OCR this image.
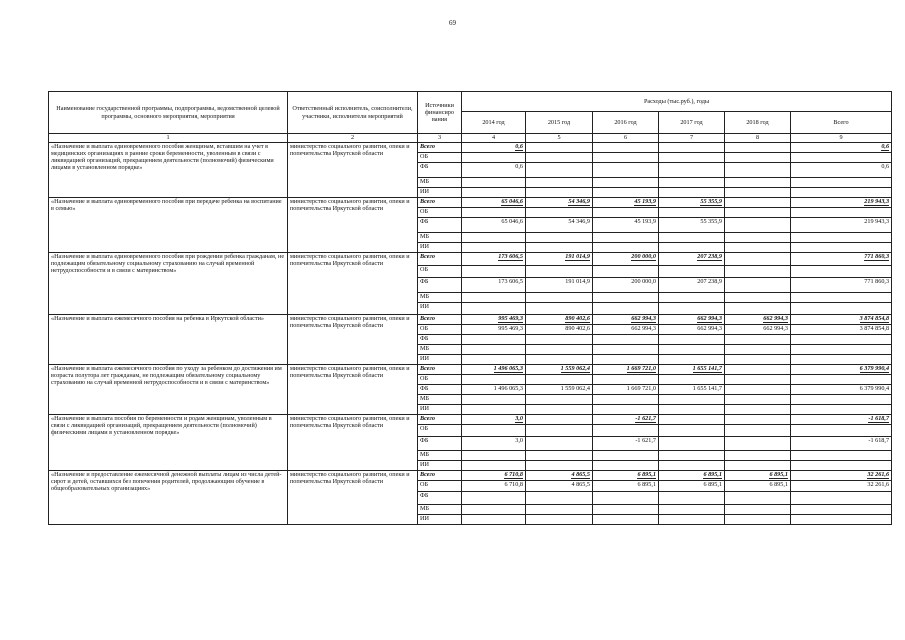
69
Наименование государственной программы, подпрограммы, ведомственной целевой программы, основного мероприятия, мероприятия	Ответственный исполнитель, соисполнители, участники, исполнители мероприятий	Источники финансиро вания	Расходы (тыс.руб.), годы					
			2014 год	2015 год	2016 год	2017 год	2018 год	Всего
1	2	3	4	5	6	7	8	9
«Назначение и выплата единовременного пособия женщинам, вставшим на учет в медицинских организациях в ранние сроки беременности, уволенным в связи с ликвидацией организаций, прекращением деятельности (полномочий) физическими лицами в установленном порядке»	министерство социального развития, опеки и попечительства Иркутской области	Всего	0,6					0,6
		ОБ						
		ФБ	0,6					0,6
		МБ						
		ИИ						
«Назначение и выплата единовременного пособия при передаче ребенка на воспитание в семью»	министерство социального развития, опеки и попечительства Иркутской области	Всего	65 046,6	54 346,9	45 193,9	55 355,9		219 943,3
		ОБ						
		ФБ	65 046,6	54 346,9	45 193,9	55 355,9		219 943,3
		МБ						
		ИИ						
«Назначение и выплата единовременного пособия при рождении ребенка гражданам, не подлежащим обязательному социальному страхованию на случай временной нетрудоспособности и в связи с материнством»	министерство социального развития, опеки и попечительства Иркутской области	Всего	173 606,5	191 014,9	200 000,0	207 238,9		771 860,3
		ОБ						
		ФБ	173 606,5	191 014,9	200 000,0	207 238,9		771 860,3
		МБ						
		ИИ						
«Назначение и выплата ежемесячного пособия на ребенка в Иркутской области»	министерство социального развития, опеки и попечительства Иркутской области	Всего	995 469,3	890 402,6	662 994,3	662 994,3	662 994,3	3 874 854,8
		ОБ	995 469,3	890 402,6	662 994,3	662 994,3	662 994,3	3 874 854,8
		ФБ						
		МБ						
		ИИ						
«Назначение и выплата ежемесячного пособия по уходу за ребенком до достижения им возраста полутора лет гражданам, не подлежащим обязательному социальному страхованию на случай временной нетрудоспособности и в связи с материнством»	министерство социального развития, опеки и попечительства Иркутской области	Всего	1 496 065,3	1 559 062,4	1 669 721,0	1 655 141,7		6 379 990,4
		ОБ						
		ФБ	1 496 065,3	1 559 062,4	1 669 721,0	1 655 141,7		6 379 990,4
		МБ						
		ИИ						
«Назначение и выплата пособия по беременности и родам женщинам, уволенным в связи с ликвидацией организаций, прекращением деятельности (полномочий) физическими лицами в установленном порядке»	министерство социального развития, опеки и попечительства Иркутской области	Всего	3,0		-1 621,7			-1 618,7
		ОБ						
		ФБ	3,0		-1 621,7			-1 618,7
		МБ						
		ИИ						
«Назначение и предоставление ежемесячной денежной выплаты лицам из числа детей-сирот и детей, оставшихся без попечения родителей, продолжающим обучение в общеобразовательных организациях»	министерство социального развития, опеки и попечительства Иркутской области	Всего	6 710,8	4 865,5	6 895,1	6 895,1	6 895,1	32 261,6
		ОБ	6 710,8	4 865,5	6 895,1	6 895,1	6 895,1	32 261,6
		ФБ						
		МБ						
		ИИ						
